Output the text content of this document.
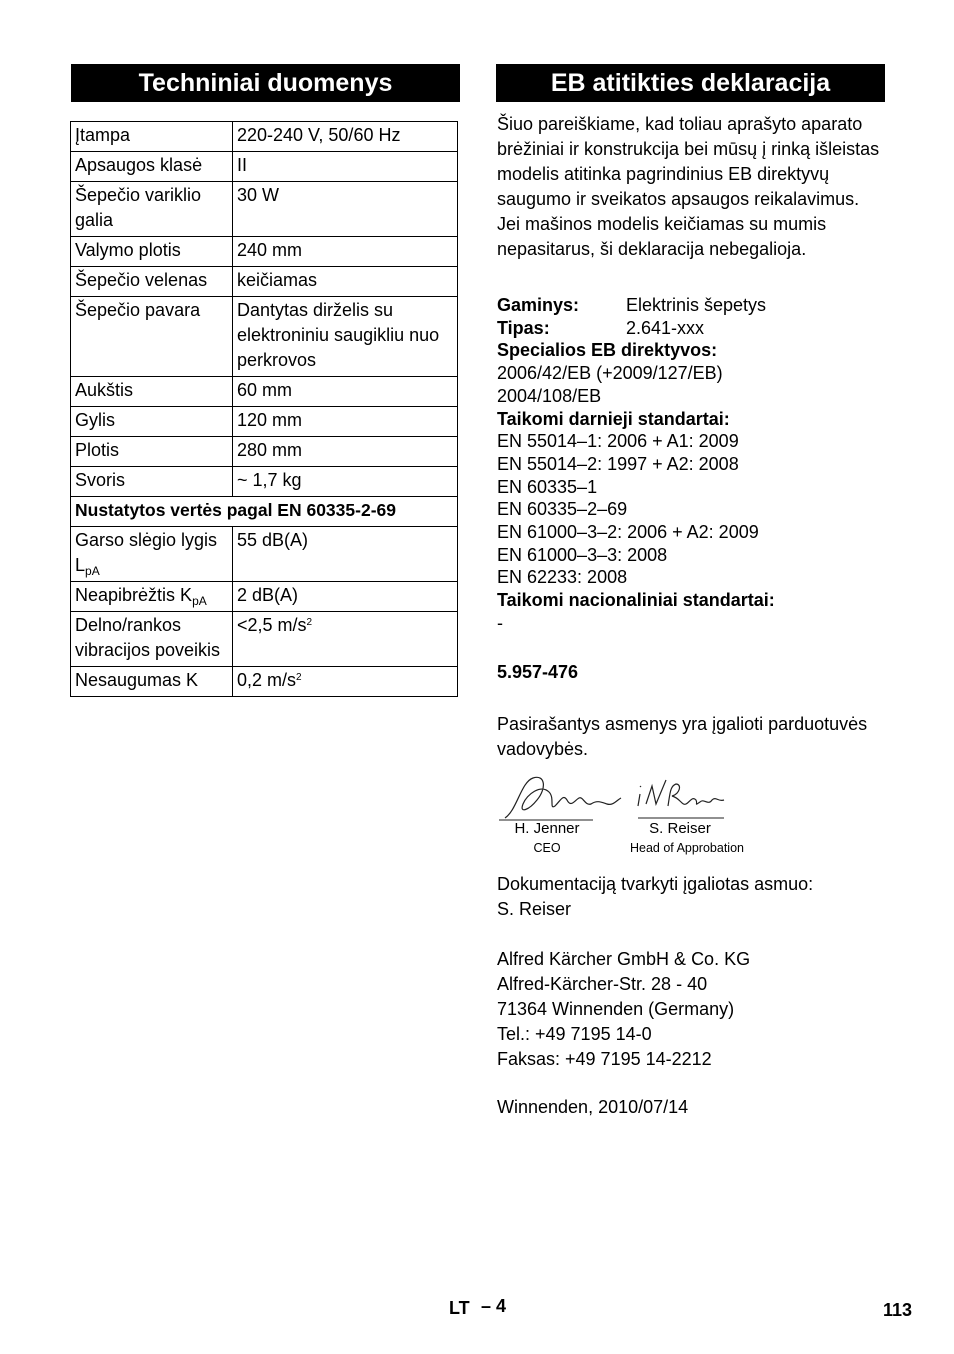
Techniniai duomenys
Įtampa	220-240 V, 50/60 Hz
Apsaugos klasė	II
Šepečio variklio galia	30 W
Valymo plotis	240 mm
Šepečio velenas	keičiamas
Šepečio pavara	Dantytas dirželis su elektroniniu saugikliu nuo perkrovos
Aukštis	60 mm
Gylis	120 mm
Plotis	280 mm
Svoris	~ 1,7 kg
Nustatytos vertės pagal EN 60335-2-69	
Garso slėgio lygis $L_{pA}$	55 dB(A)
Neapibrėžtis $K_{pA}$	2 dB(A)
Delno/rankos vibracijos poveikis	<2,5 $m/s^2$
Nesaugumas K	0,2 $m/s^2$
EB atitikties deklaracija
Šiuo pareiškiame, kad toliau aprašyto aparato brėžiniai ir konstrukcija bei mūsų į rinką išleistas modelis atitinka pagrindinius EB direktyvų saugumo ir sveikatos apsaugos reikalavimus. Jei mašinos modelis keičiamas su mumis nepasitarus, ši deklaracija nebegalioja.
Gaminys:	Elektrinis šepetys
Tipas:	2.641-xxx
Specialios EB direktyvos:
2006/42/EB (+2009/127/EB)
2004/108/EB
Taikomi darnieji standartai:
EN 55014–1: 2006 + A1: 2009
EN 55014–2: 1997 + A2: 2008
EN 60335–1
EN 60335–2–69
EN 61000–3–2: 2006 + A2: 2009
EN 61000–3–3: 2008
EN 62233: 2008
Taikomi nacionaliniai standartai:
-
5.957-476
Pasirašantys asmenys yra įgalioti parduotuvės vadovybės.
H. Jenner
CEO
S. Reiser
Head of Approbation
Dokumentaciją tvarkyti įgaliotas asmuo:
S. Reiser
Alfred Kärcher GmbH & Co. KG
Alfred-Kärcher-Str. 28 - 40
71364 Winnenden (Germany)
Tel.: +49 7195 14-0
Faksas: +49 7195 14-2212
Winnenden, 2010/07/14
LT – 4	113
